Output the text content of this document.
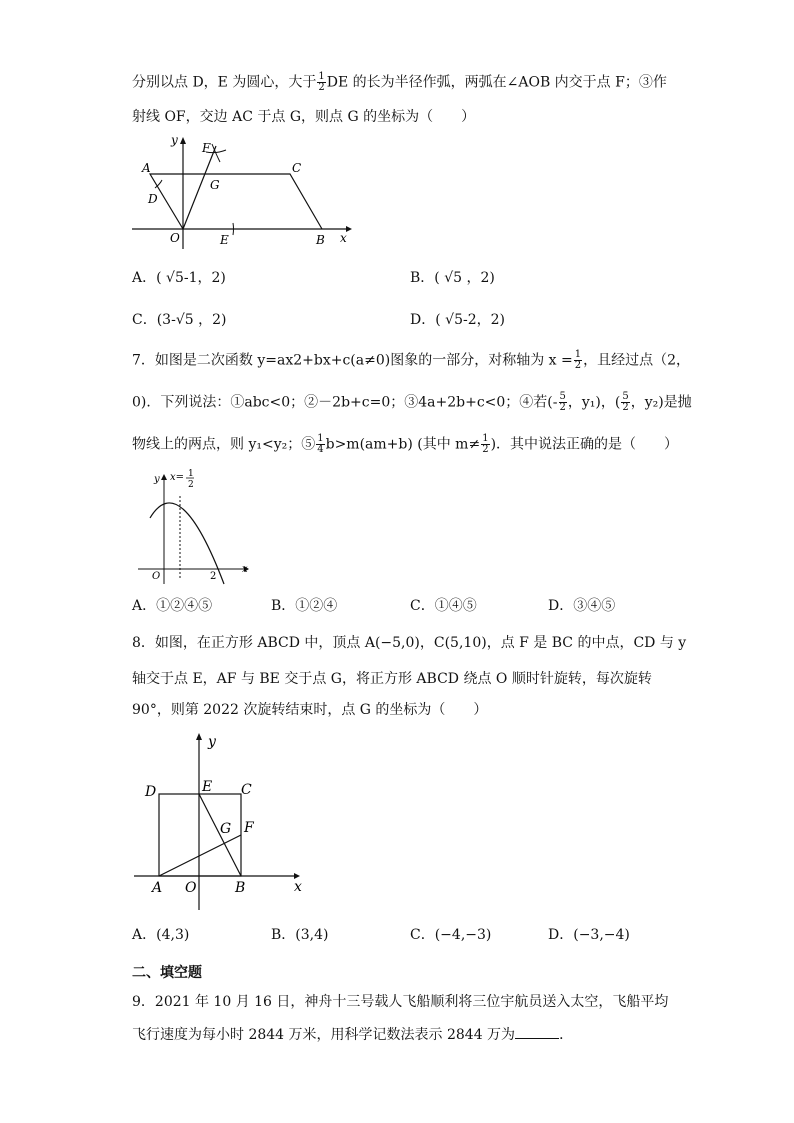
分别以点 D，E 为圆心，大于 $\frac{1}{2}$ DE 的长为半径作弧，两弧在∠AOB 内交于点 F；③作
射线 OF，交边 AC 于点 G，则点 G 的坐标为（　　）
y
x
A
F
C
G
D
O	E	B
A．( √5-1，2)	B．( √5 ，2)
C．(3-√5 ，2)	D．( √5-2，2)
7．如图是二次函数 y=ax2+bx+c(a≠0)图象的一部分，对称轴为 $x = \frac{1}{2}$ ，且经过点（2，
0)．下列说法：①abc<0；②－2b+c=0；③4a+2b+c<0；④若(- $\frac{5}{2}$ ，y₁)，( $\frac{5}{2}$ ，y₂)是抛
物线上的两点，则 y₁<y₂；⑤ $\frac{1}{4} b>m(am+b)$ (其中 $m\ne \frac{1}{2}$ )．其中说法正确的是（　　）
y
x
O	2
x= 1
2
A．①②④⑤	B．①②④	C．①④⑤	D．③④⑤
8．如图，在正方形 ABCD 中，顶点 A(−5,0)，C(5,10)，点 F 是 BC 的中点，CD 与 y
轴交于点 E，AF 与 BE 交于点 G，将正方形 ABCD 绕点 O 顺时针旋转，每次旋转
90°，则第 2022 次旋转结束时，点 G 的坐标为（　　）
y
x
D	E C
G F
A O	B
A．(4,3)	B．(3,4)	C．(−4,−3)	D．(−3,−4)
二、填空题
9．2021 年 10 月 16 日，神舟十三号载人飞船顺利将三位宇航员送入太空，飞船平均
飞行速度为每小时 2844 万米，用科学记数法表示 2844 万为	．
